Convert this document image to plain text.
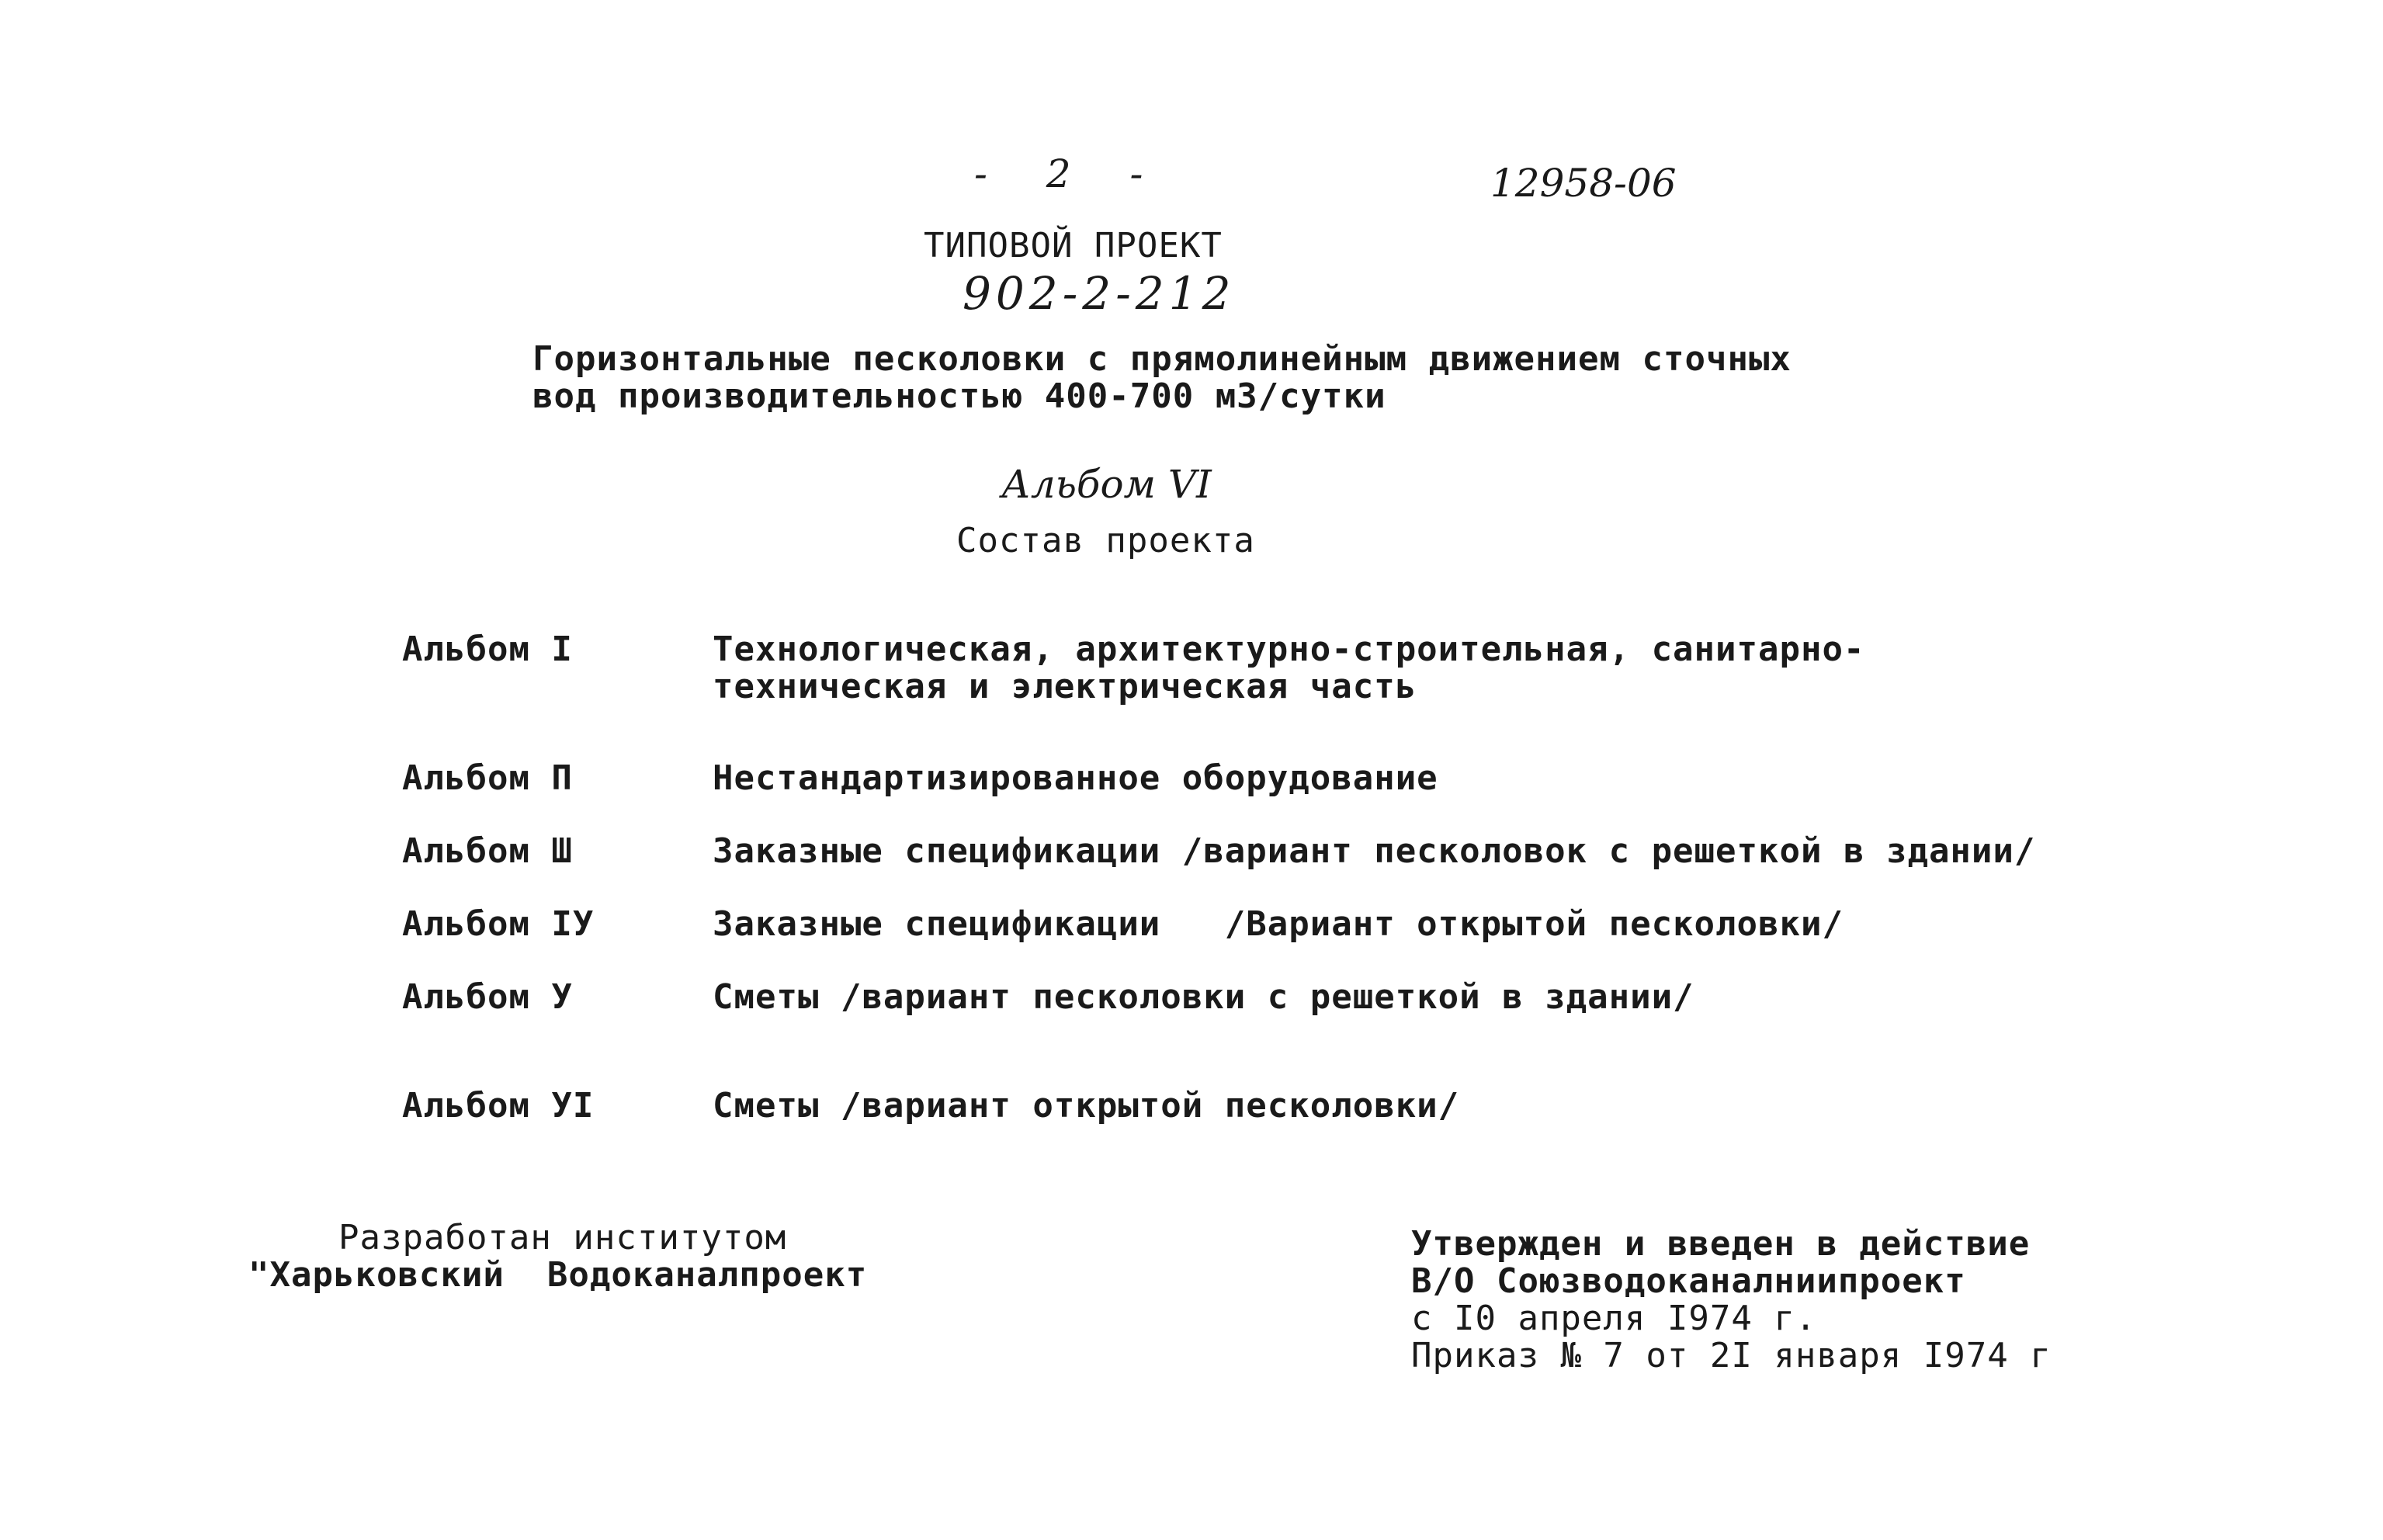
- 2 -	12958-06
ТИПОВОЙ ПРОЕКТ
902-2-212
Горизонтальные песколовки с прямолинейным движением сточных
вод производительностью 400-700 м3/сутки
Альбом VI
Состав проекта
Альбом I	Технологическая, архитектурно-строительная, санитарно-
техническая и электрическая часть
Альбом П	Нестандартизированное оборудование
Альбом Ш	Заказные спецификации /вариант песколовок с решеткой в здании/
Альбом IУ	Заказные спецификации   /Вариант открытой песколовки/
Альбом У	Сметы /вариант песколовки с решеткой в здании/
Альбом УI	Сметы /вариант открытой песколовки/
Разработан институтом
"Харьковский  Водоканалпроект
Утвержден и введен в действие
В/О Союзводоканалниипроект
с I0 апреля I974 г.
Приказ № 7 от 2I января I974 г
